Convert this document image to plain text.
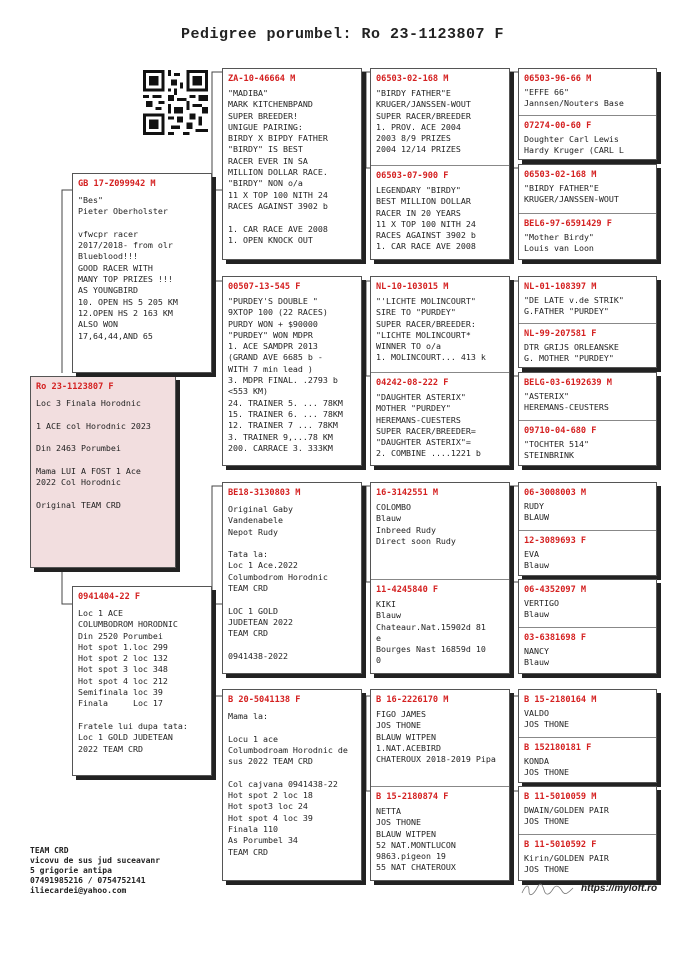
Pedigree porumbel: Ro 23-1123807 F
Ro 23-1123807 F
Loc 3 Finala Horodnic

1 ACE col Horodnic 2023

Din 2463 Porumbei

Mama LUI A FOST 1 Ace
2022 Col Horodnic

Original TEAM CRD
GB 17-Z099942 M
"Bes"
Pieter Oberholster

vfwcpr racer
2017/2018- from olr
Blueblood!!!
GOOD RACER WITH
MANY TOP PRIZES !!!
AS YOUNGBIRD
10. OPEN HS 5 205 KM
12.OPEN HS 2 163 KM
ALSO WON
17,64,44,AND 65
0941404-22 F
Loc 1 ACE
COLUMBODROM HORODNIC
Din 2520 Porumbei
Hot spot 1.loc 299
Hot spot 2 loc 132
Hot spot 3 loc 348
Hot spot 4 loc 212
Semifinala loc 39
Finala     Loc 17

Fratele lui dupa tata:
Loc 1 GOLD JUDETEAN
2022 TEAM CRD
ZA-10-46664 M
"MADIBA"
MARK KITCHENBPAND
SUPER BREEDER!
UNIGUE PAIRING:
BIRDY X BIPDY FATHER
"BIRDY" IS BEST
RACER EVER IN SA
MILLION DOLLAR RACE.
"BIRDY" NON o/a
11 X TOP 100 NITH 24
RACES AGAINST 3902 b

1. CAR RACE AVE 2008
1. OPEN KNOCK OUT
00507-13-545 F
"PURDEY'S DOUBLE "
9XTOP 100 (22 RACES)
PURDY WON + $90000
"PURDEY" WON MDPR
1. ACE SAMDPR 2013
(GRAND AVE 6685 b -
WITH 7 min lead )
3. MDPR FINAL. .2793 b
<553 KM)
24. TRAINER 5. ... 78KM
15. TRAINER 6. ... 78KM
12. TRAINER 7 ... 78KM
3. TRAINER 9,...78 KM
200. CARRACE 3. 333KM
BE18-3130803 M
Original Gaby
Vandenabele
Nepot Rudy

Tata la:
Loc 1 Ace.2022
Columbodrom Horodnic
TEAM CRD

LOC 1 GOLD
JUDETEAN 2022
TEAM CRD

0941438-2022
B 20-5041138 F
Mama la:

Locu 1 ace
Columbodroam Horodnic de
sus 2022 TEAM CRD

Col cajvana 0941438-22
Hot spot 2 loc 18
Hot spot3 loc 24
Hot spot 4 loc 39
Finala 110
As Porumbel 34
TEAM CRD
06503-02-168 M
"BIRDY FATHER"E
KRUGER/JANSSEN-WOUT
SUPER RACER/BREEDER
1. PROV. ACE 2004
2003 8/9 PRIZES
2004 12/14 PRIZES
06503-07-900 F
LEGENDARY "BIRDY"
BEST MILLION DOLLAR
RACER IN 20 YEARS
11 X TOP 100 NITH 24
RACES AGAINST 3902 b
1. CAR RACE AVE 2008
NL-10-103015 M
"'LICHTE MOLINCOURT"
SIRE TO "PURDEY"
SUPER RACER/BREEDER:
"LICHTE MOLINCOURT*
WINNER TO o/a
1. MOLINCOURT... 413 k
04242-08-222 F
"DAUGHTER ASTERIX"
MOTHER "PURDEY"
HEREMANS-CUESTERS
SUPER RACER/BREEDER=
"DAUGHTER ASTERIX"=
2. COMBINE ....1221 b
16-3142551 M
COLOMBO
Blauw
Inbreed Rudy
Direct soon Rudy
11-4245840 F
KIKI
Blauw
Chateaur.Nat.15902d 81
e
Bourges Nast 16859d 10
0
B 16-2226170 M
FIGO JAMES
JOS THONE
BLAUW WITPEN
1.NAT.ACEBIRD
CHATEROUX 2018-2019 Pipa
B 15-2180874 F
NETTA
JOS THONE
BLAUW WITPEN
52 NAT.MONTLUCON
9863.pigeon 19
55 NAT CHATEROUX
06503-96-66 M
"EFFE 66"
Jannsen/Nouters Base
07274-00-60 F
Doughter Carl Lewis
Hardy Kruger (CARL L
06503-02-168 M
"BIRDY FATHER"E
KRUGER/JANSSEN-WOUT
BEL6-97-6591429 F
"Mother Birdy"
Louis van Loon
NL-01-108397 M
"DE LATE v.de STRIK"
G.FATHER "PURDEY"
NL-99-207581 F
DTR GRIJS ORLEANSKE
G. MOTHER "PURDEY"
BELG-03-6192639 M
"ASTERIX"
HEREMANS-CEUSTERS
09710-04-680 F
"TOCHTER 514"
STEINBRINK
06-3008003 M
RUDY
BLAUW
12-3089693 F
EVA
Blauw
06-4352097 M
VERTIGO
Blauw
03-6381698 F
NANCY
Blauw
B 15-2180164 M
VALDO
JOS THONE
B 152180181 F
KONDA
JOS THONE
B 11-5010059 M
DWAIN/GOLDEN PAIR
JOS THONE
B 11-5010592 F
Kirin/GOLDEN PAIR
JOS THONE
TEAM CRD
vicovu de sus jud suceavanr
5 grigorie antipa
07491985216 / 0754752141
iliecardei@yahoo.com	https://myloft.ro
